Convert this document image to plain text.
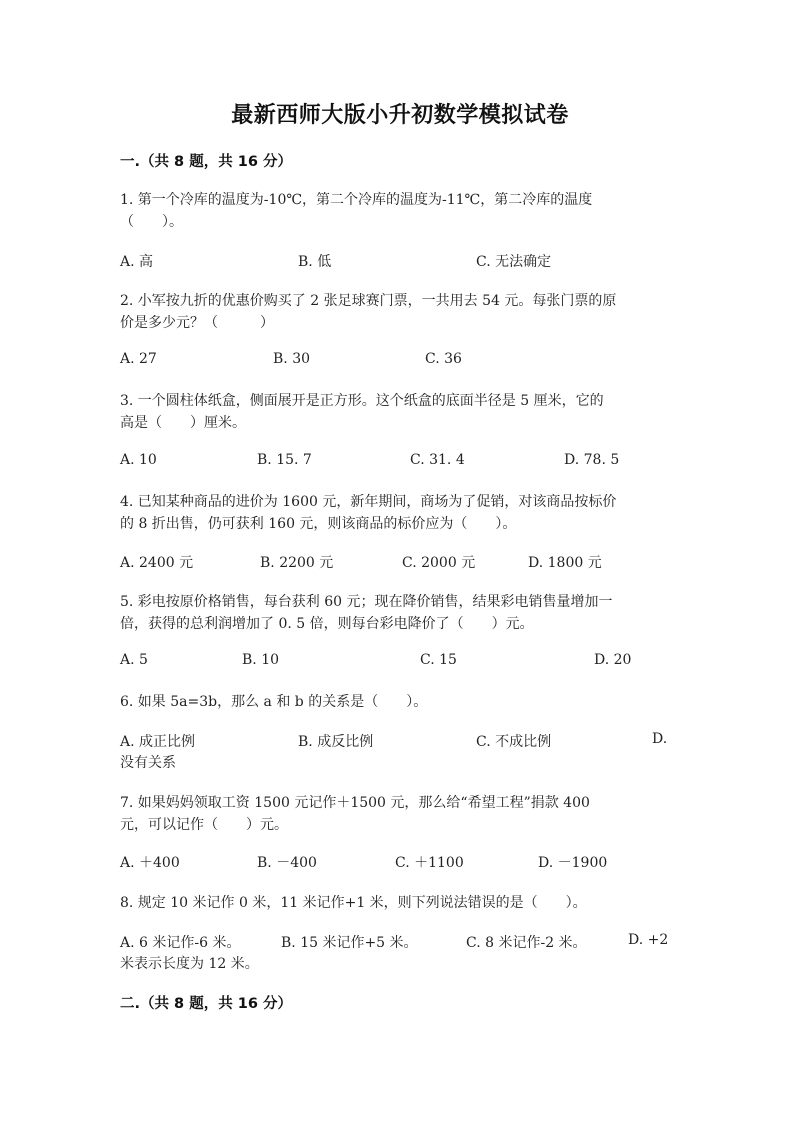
最新西师大版小升初数学模拟试卷
一.（共 8 题，共 16 分）
1. 第一个冷库的温度为-10℃，第二个冷库的温度为-11℃，第二冷库的温度
（　　）。
A. 高	B. 低	C. 无法确定
2. 小军按九折的优惠价购买了 2 张足球赛门票，一共用去 54 元。每张门票的原
价是多少元？（　　　）
A. 27	B. 30	C. 36
3. 一个圆柱体纸盒，侧面展开是正方形。这个纸盒的底面半径是 5 厘米，它的
高是（　　）厘米。
A. 10	B. 15. 7	C. 31. 4	D. 78. 5
4. 已知某种商品的进价为 1600 元，新年期间，商场为了促销，对该商品按标价
的 8 折出售，仍可获利 160 元，则该商品的标价应为（　　）。
A. 2400 元	B. 2200 元	C. 2000 元	D. 1800 元
5. 彩电按原价格销售，每台获利 60 元；现在降价销售，结果彩电销售量增加一
倍，获得的总利润增加了 0. 5 倍，则每台彩电降价了（　　）元。
A. 5	B. 10	C. 15	D. 20
6. 如果 5a=3b，那么 a 和 b 的关系是（　　）。
A. 成正比例	B. 成反比例	C. 不成比例	D.
没有关系
7. 如果妈妈领取工资 1500 元记作＋1500 元，那么给“希望工程”捐款 400
元，可以记作（　　）元。
A. ＋400	B. －400	C. ＋1100	D. －1900
8. 规定 10 米记作 0 米，11 米记作+1 米，则下列说法错误的是（　　）。
A. 6 米记作-6 米。	B. 15 米记作+5 米。	C. 8 米记作-2 米。	D. +2
米表示长度为 12 米。
二.（共 8 题，共 16 分）
